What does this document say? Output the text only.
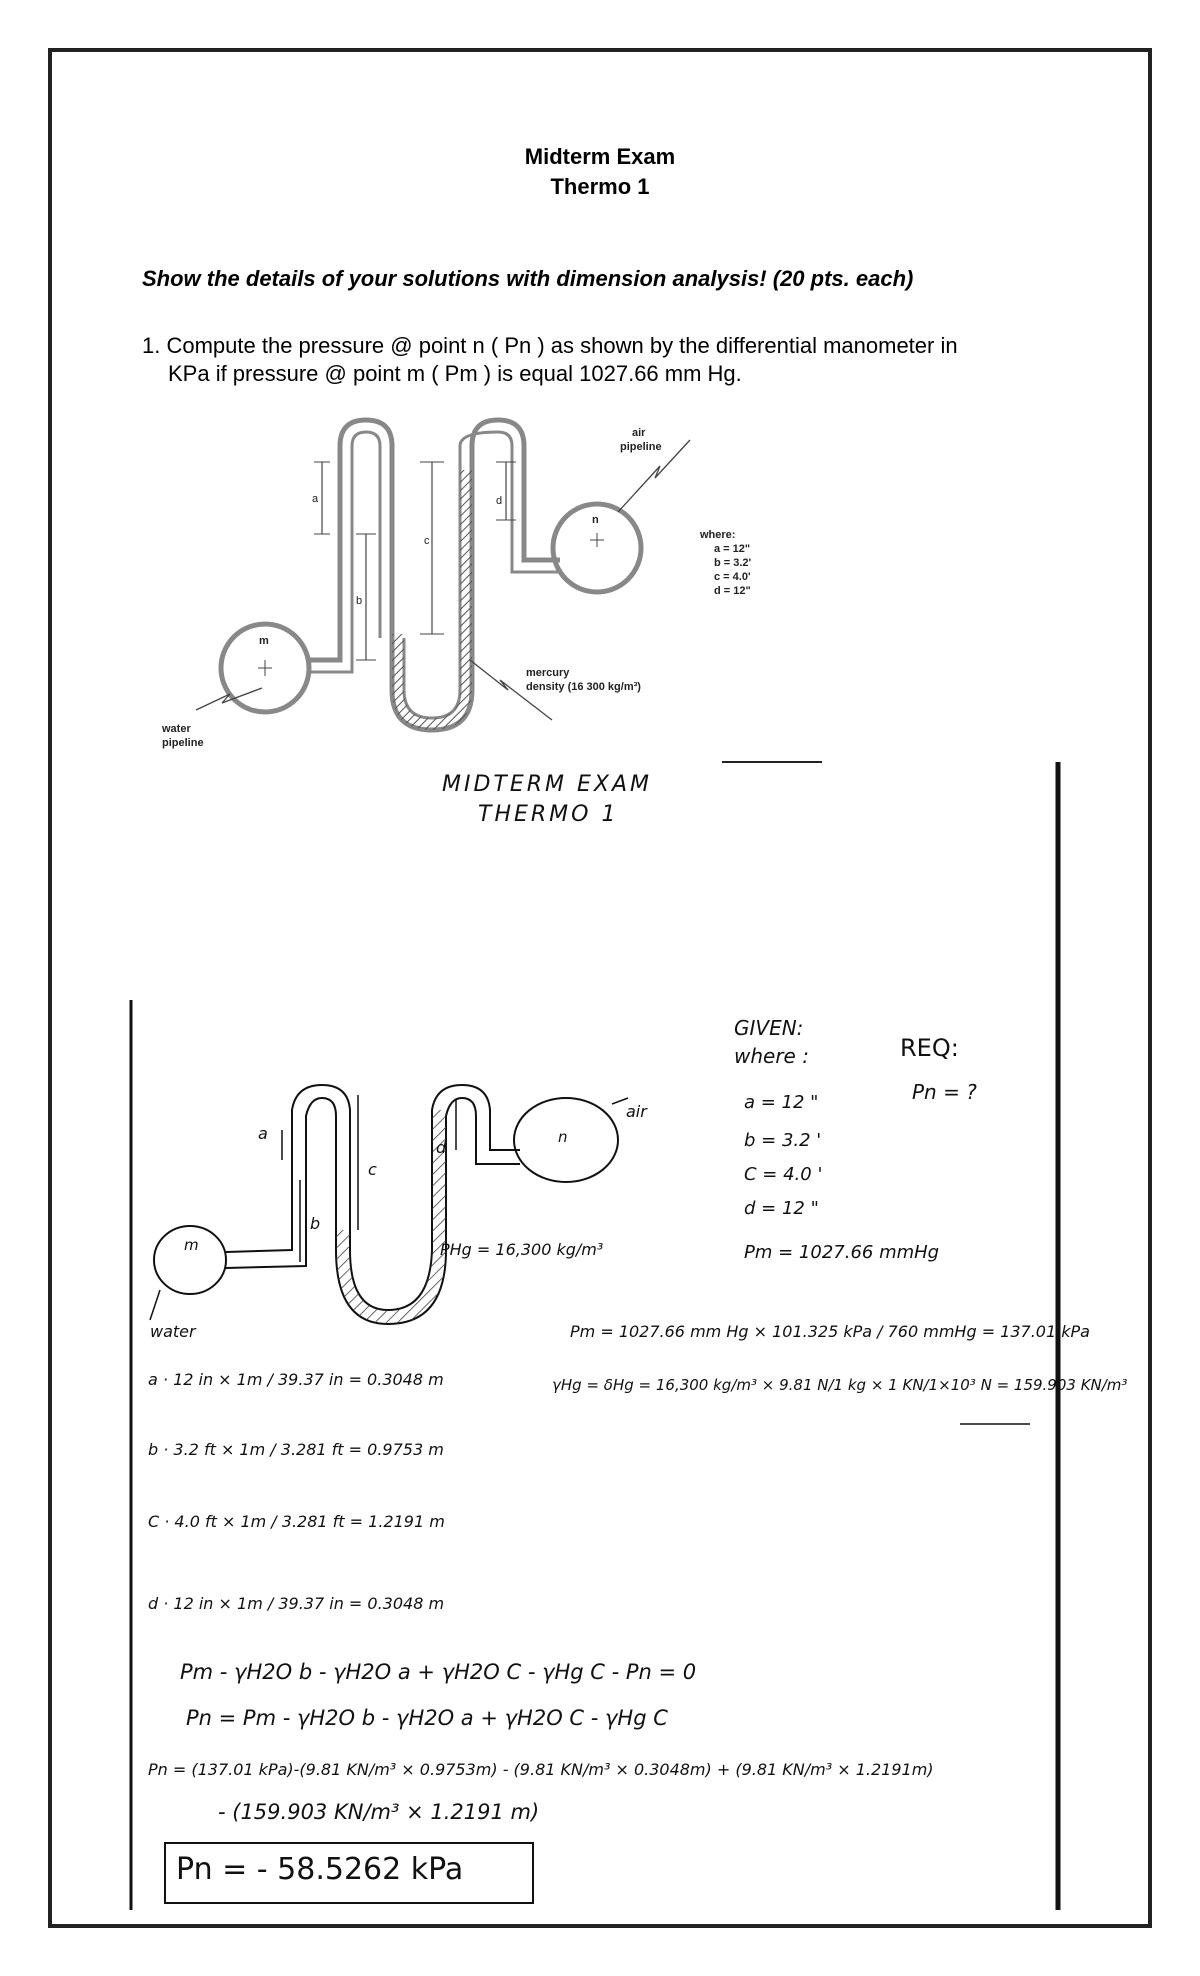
Midterm Exam
Thermo 1
Show the details of your solutions with dimension analysis! (20 pts. each)
1. Compute the pressure @ point n ( Pn ) as shown by the differential manometer in
KPa if pressure @ point m ( Pm ) is equal 1027.66 mm Hg.
a
b
c
d
m
n
air
pipeline
water
pipeline
mercury
density (16 300 kg/m³)
where:
a = 12"
b = 3.2'
c = 4.0'
d = 12"
MIDTERM EXAM
THERMO 1
GIVEN:
where :	REQ:
Pn = ?
a = 12 "
b = 3.2 '
C = 4.0 '
d = 12 "
Pm = 1027.66 mmHg
air
water
m
n
a
b
c
d
PHg = 16,300 kg/m³
Pm = 1027.66 mm Hg × 101.325 kPa / 760 mmHg = 137.01 kPa
γHg = δHg = 16,300 kg/m³ × 9.81 N/1 kg × 1 KN/1×10³ N = 159.903 KN/m³
a · 12 in × 1m / 39.37 in = 0.3048 m
b · 3.2 ft × 1m / 3.281 ft = 0.9753 m
C · 4.0 ft × 1m / 3.281 ft = 1.2191 m
d · 12 in × 1m / 39.37 in = 0.3048 m
Pm - γH2O b - γH2O a + γH2O C - γHg C - Pn = 0
Pn = Pm - γH2O b - γH2O a + γH2O C - γHg C
Pn = (137.01 kPa)-(9.81 KN/m³ × 0.9753m) - (9.81 KN/m³ × 0.3048m) + (9.81 KN/m³ × 1.2191m)
- (159.903 KN/m³ × 1.2191 m)
Pn = - 58.5262 kPa
